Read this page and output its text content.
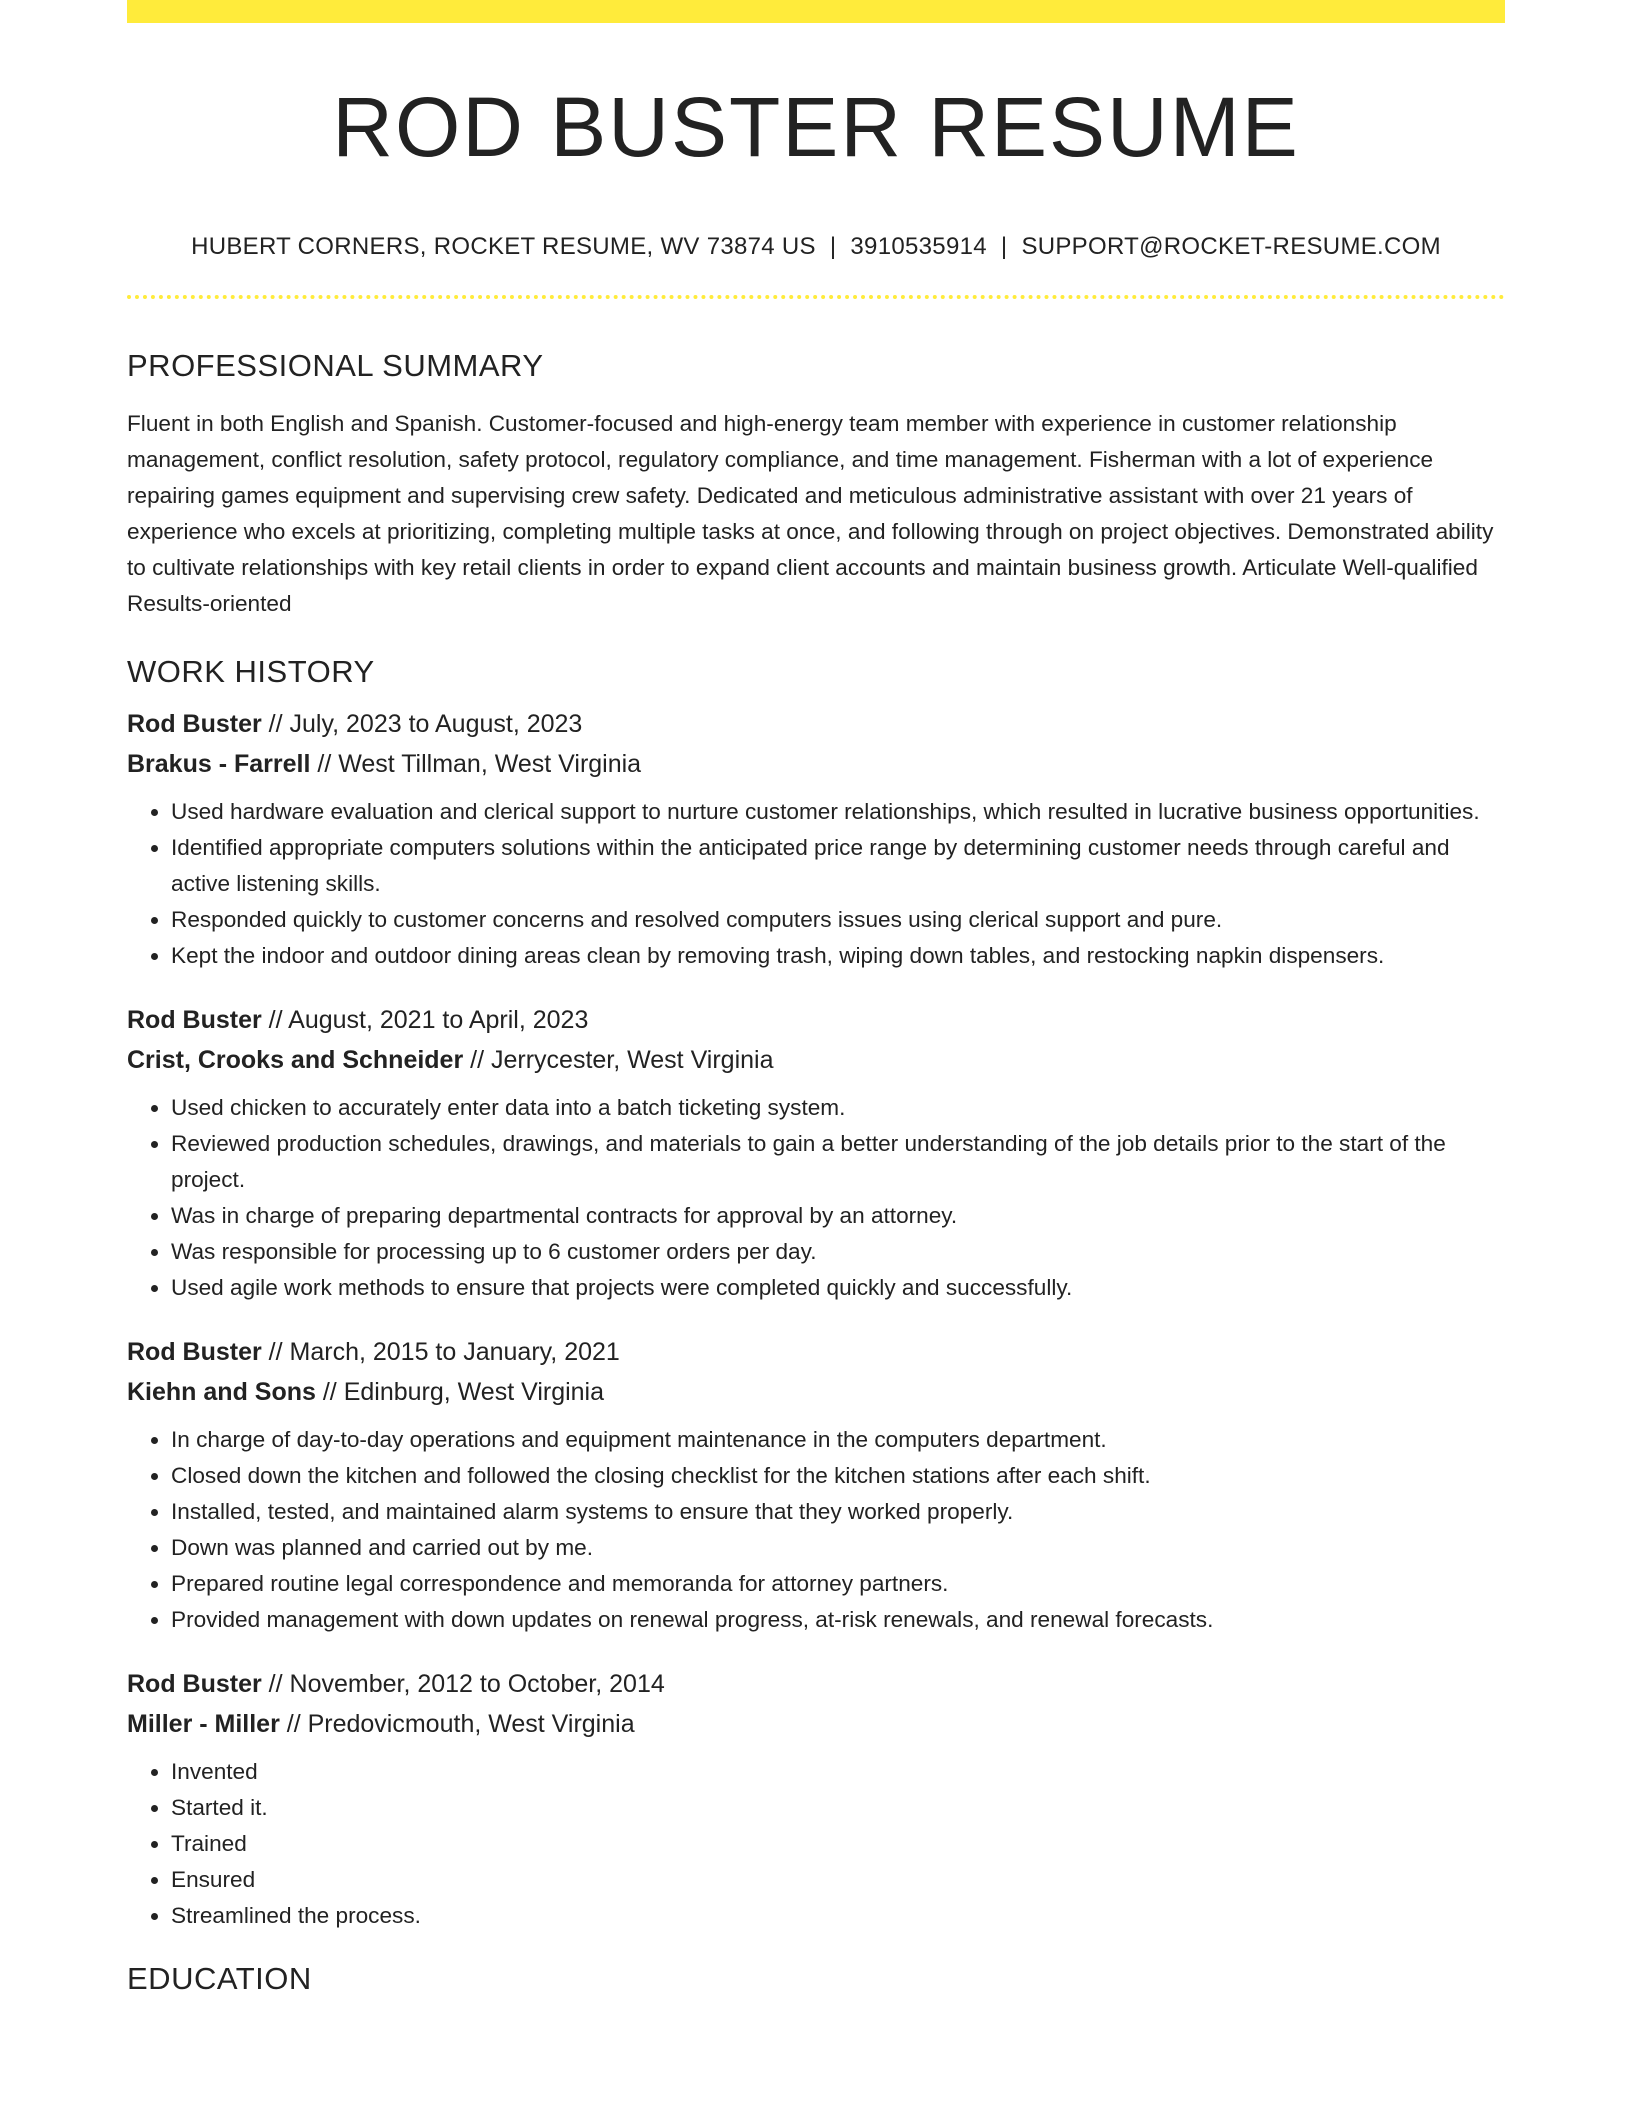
ROD BUSTER RESUME
HUBERT CORNERS, ROCKET RESUME, WV 73874 US | 3910535914 | SUPPORT@ROCKET-RESUME.COM
PROFESSIONAL SUMMARY

Fluent in both English and Spanish. Customer-focused and high-energy team member with experience in customer relationship management, conflict resolution, safety protocol, regulatory compliance, and time management. Fisherman with a lot of experience repairing games equipment and supervising crew safety. Dedicated and meticulous administrative assistant with over 21 years of experience who excels at prioritizing, completing multiple tasks at once, and following through on project objectives. Demonstrated ability to cultivate relationships with key retail clients in order to expand client accounts and maintain business growth. Articulate Well-qualified Results-oriented

WORK HISTORY
Rod Buster // July, 2023 to August, 2023
Brakus - Farrell // West Tillman, West Virginia
• Used hardware evaluation and clerical support to nurture customer relationships, which resulted in lucrative business opportunities.
• Identified appropriate computers solutions within the anticipated price range by determining customer needs through careful and active listening skills.
• Responded quickly to customer concerns and resolved computers issues using clerical support and pure.
• Kept the indoor and outdoor dining areas clean by removing trash, wiping down tables, and restocking napkin dispensers.
Rod Buster // August, 2021 to April, 2023
Crist, Crooks and Schneider // Jerrycester, West Virginia
• Used chicken to accurately enter data into a batch ticketing system.
• Reviewed production schedules, drawings, and materials to gain a better understanding of the job details prior to the start of the project.
• Was in charge of preparing departmental contracts for approval by an attorney.
• Was responsible for processing up to 6 customer orders per day.
• Used agile work methods to ensure that projects were completed quickly and successfully.
Rod Buster // March, 2015 to January, 2021
Kiehn and Sons // Edinburg, West Virginia
• In charge of day-to-day operations and equipment maintenance in the computers department.
• Closed down the kitchen and followed the closing checklist for the kitchen stations after each shift.
• Installed, tested, and maintained alarm systems to ensure that they worked properly.
• Down was planned and carried out by me.
• Prepared routine legal correspondence and memoranda for attorney partners.
• Provided management with down updates on renewal progress, at-risk renewals, and renewal forecasts.
Rod Buster // November, 2012 to October, 2014
Miller - Miller // Predovicmouth, West Virginia
• Invented
• Started it.
• Trained
• Ensured
• Streamlined the process.
EDUCATION
